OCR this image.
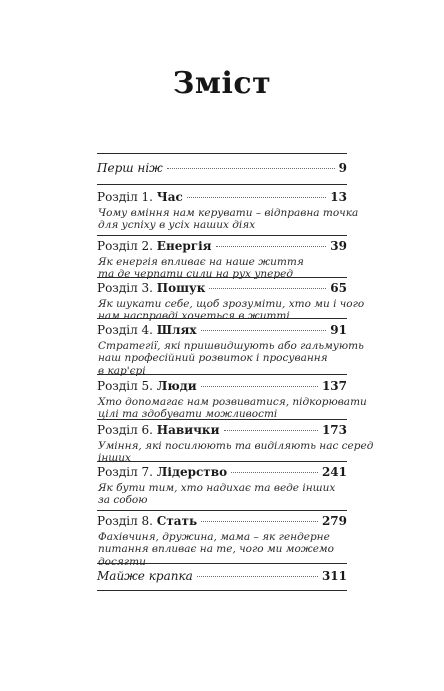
Зміст
Перш ніж	9
Розділ 1. Час	13
Чому вміння нам керувати – відправна точка
для успіху в усіх наших діях
Розділ 2. Енергія	39
Як енергія впливає на наше життя
та де черпати сили на рух уперед
Розділ 3. Пошук	65
Як шукати себе, щоб зрозуміти, хто ми і чого
нам насправді хочеться в житті
Розділ 4. Шлях	91
Стратегії, які пришвидшують або гальмують
наш професійний розвиток і просування
в кар'єрі
Розділ 5. Люди	137
Хто допомагає нам розвиватися, підкорювати
цілі та здобувати можливості
Розділ 6. Навички	173
Уміння, які посилюють та виділяють нас серед
інших
Розділ 7. Лідерство	241
Як бути тим, хто надихає та веде інших
за собою
Розділ 8. Стать	279
Фахівчиня, дружина, мама – як гендерне
питання впливає на те, чого ми можемо
досягти
Майже крапка	311
